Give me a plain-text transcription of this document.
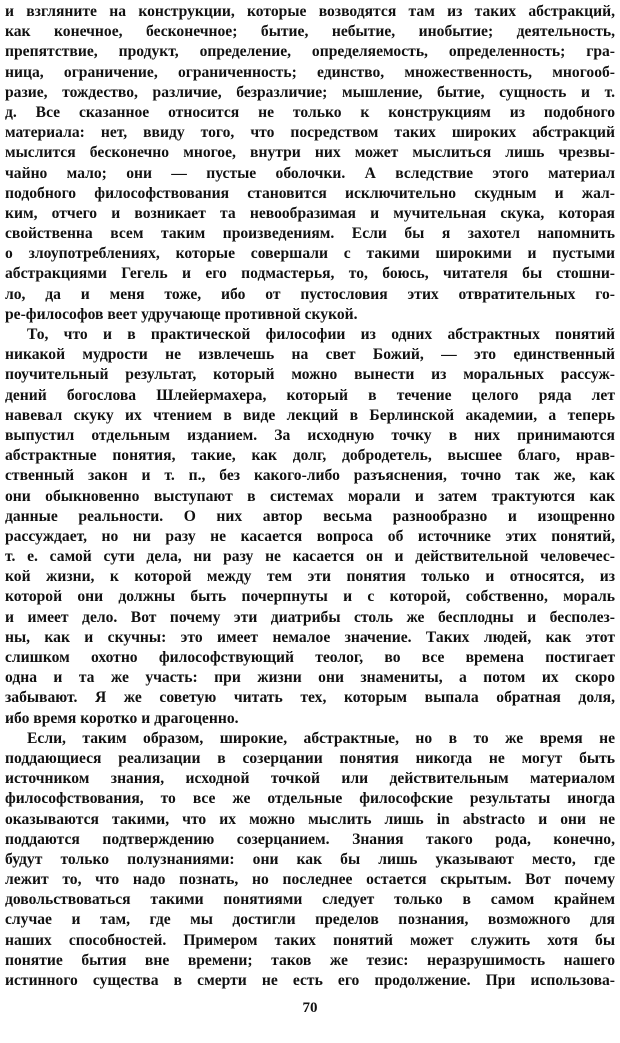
и взгляните на конструкции, которые возводятся там из таких абстракций,
как конечное, бесконечное; бытие, небытие, инобытие; деятельность,
препятствие, продукт, определение, определяемость, определенность; гра-
ница, ограничение, ограниченность; единство, множественность, многооб-
разие, тождество, различие, безразличие; мышление, бытие, сущность и т.
д. Все сказанное относится не только к конструкциям из подобного
материала: нет, ввиду того, что посредством таких широких абстракций
мыслится бесконечно многое, внутри них может мыслиться лишь чрезвы-
чайно мало; они — пустые оболочки. А вследствие этого материал
подобного философствования становится исключительно скудным и жал-
ким, отчего и возникает та невообразимая и мучительная скука, которая
свойственна всем таким произведениям. Если бы я захотел напомнить
о злоупотреблениях, которые совершали с такими широкими и пустыми
абстракциями Гегель и его подмастерья, то, боюсь, читателя бы стошни-
ло, да и меня тоже, ибо от пустословия этих отвратительных го-
ре-философов веет удручающе противной скукой.
То, что и в практической философии из одних абстрактных понятий
никакой мудрости не извлечешь на свет Божий, — это единственный
поучительный результат, который можно вынести из моральных рассуж-
дений богослова Шлейермахера, который в течение целого ряда лет
навевал скуку их чтением в виде лекций в Берлинской академии, а теперь
выпустил отдельным изданием. За исходную точку в них принимаются
абстрактные понятия, такие, как долг, добродетель, высшее благо, нрав-
ственный закон и т. п., без какого-либо разъяснения, точно так же, как
они обыкновенно выступают в системах морали и затем трактуются как
данные реальности. О них автор весьма разнообразно и изощренно
рассуждает, но ни разу не касается вопроса об источнике этих понятий,
т. е. самой сути дела, ни разу не касается он и действительной человечес-
кой жизни, к которой между тем эти понятия только и относятся, из
которой они должны быть почерпнуты и с которой, собственно, мораль
и имеет дело. Вот почему эти диатрибы столь же бесплодны и бесполез-
ны, как и скучны: это имеет немалое значение. Таких людей, как этот
слишком охотно философствующий теолог, во все времена постигает
одна и та же участь: при жизни они знамениты, а потом их скоро
забывают. Я же советую читать тех, которым выпала обратная доля,
ибо время коротко и драгоценно.
Если, таким образом, широкие, абстрактные, но в то же время не
поддающиеся реализации в созерцании понятия никогда не могут быть
источником знания, исходной точкой или действительным материалом
философствования, то все же отдельные философские результаты иногда
оказываются такими, что их можно мыслить лишь in abstracto и они не
поддаются подтверждению созерцанием. Знания такого рода, конечно,
будут только полузнаниями: они как бы лишь указывают место, где
лежит то, что надо познать, но последнее остается скрытым. Вот почему
довольствоваться такими понятиями следует только в самом крайнем
случае и там, где мы достигли пределов познания, возможного для
наших способностей. Примером таких понятий может служить хотя бы
понятие бытия вне времени; таков же тезис: неразрушимость нашего
истинного существа в смерти не есть его продолжение. При использова-
70
